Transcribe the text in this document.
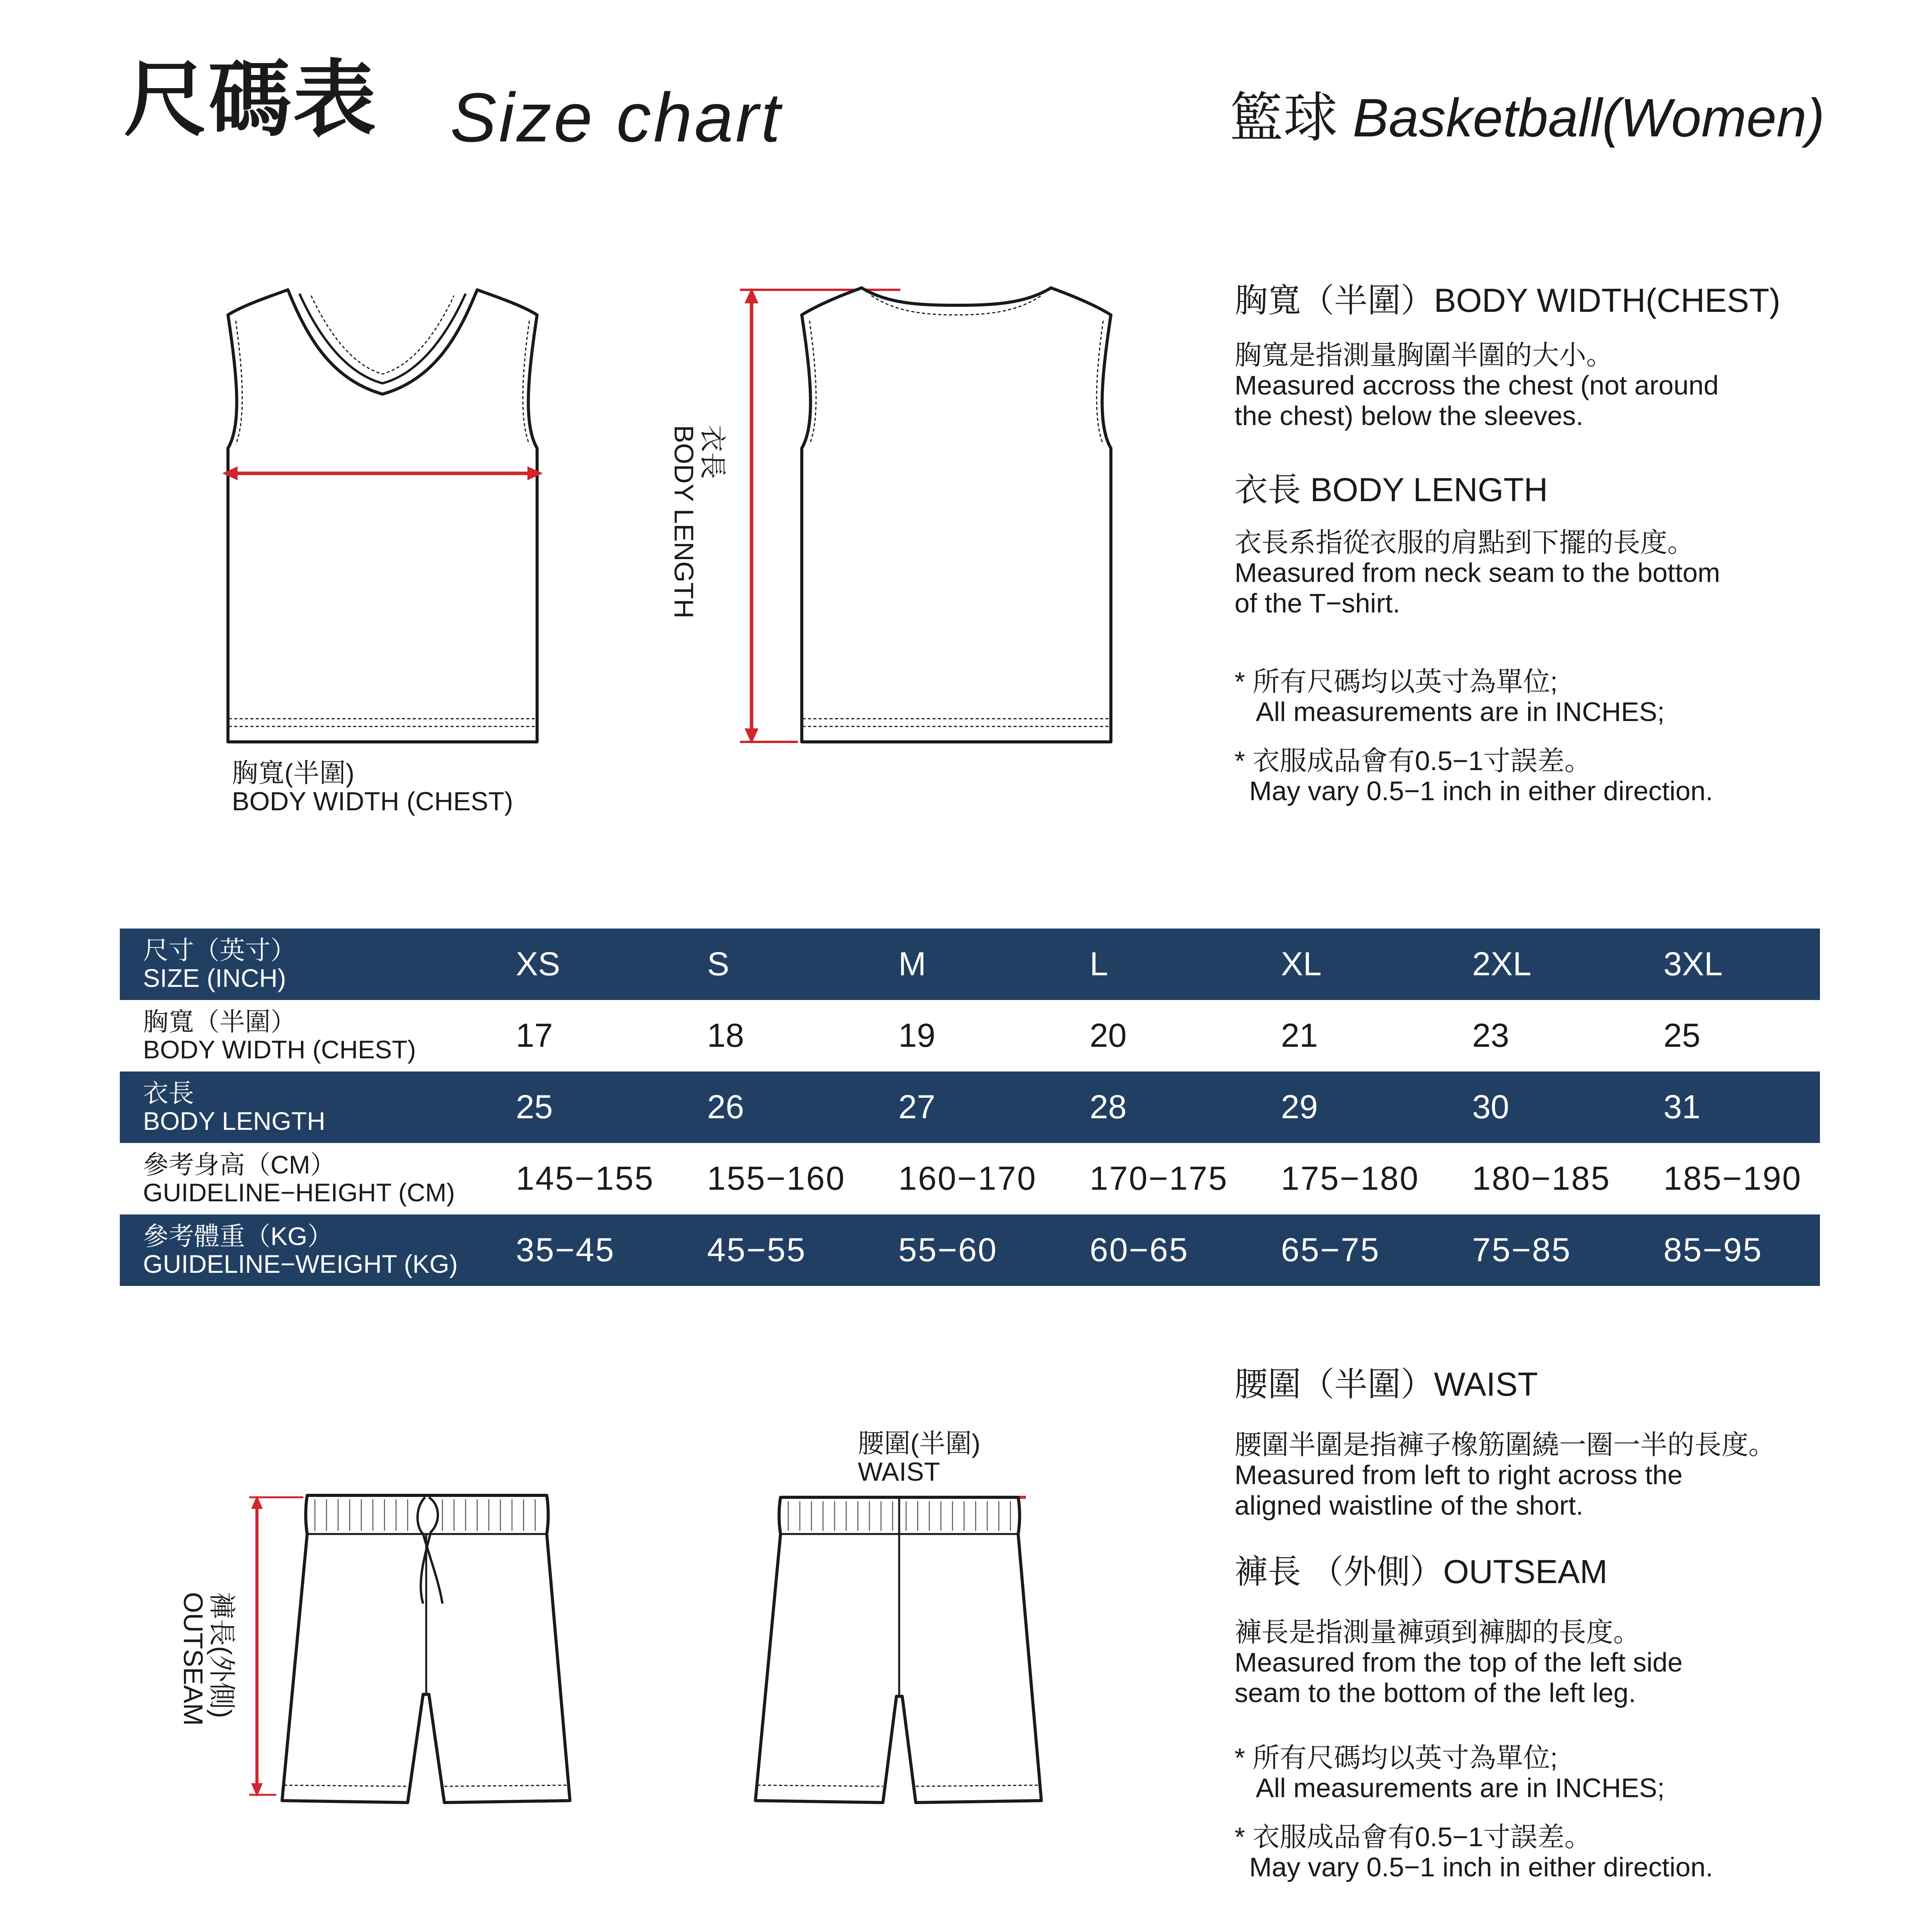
尺碼表 Size chart	籃球 Basketball(Women)
胸寬(半圍)
BODY WIDTH (CHEST)
衣長
BODY LENGTH
胸寬（半圍）BODY WIDTH(CHEST)
胸寬是指測量胸圍半圍的大小。
Measured accross the chest (not around
the chest) below the sleeves.
衣長 BODY LENGTH
衣長系指從衣服的肩點到下擺的長度。
Measured from neck seam to the bottom
of the T−shirt.
* 所有尺碼均以英寸為單位;
All measurements are in INCHES;
* 衣服成品會有0.5−1寸誤差。
May vary 0.5−1 inch in either direction.
尺寸（英寸）
SIZE (INCH)	XS	S	M	L	XL	2XL	3XL

胸寬（半圍）
BODY WIDTH (CHEST)	17	18	19	20	21	23	25

衣長
BODY LENGTH	25	26	27	28	29	30	31

參考身高（CM）
GUIDELINE−HEIGHT (CM)	145−155	155−160	160−170	170−175	175−180	180−185	185−190

參考體重（KG）
GUIDELINE−WEIGHT (KG)	35−45	45−55	55−60	60−65	65−75	75−85	85−95
褲長(外側)
OUTSEAM
腰圍(半圍)
WAIST
腰圍（半圍）WAIST
腰圍半圍是指褲子橡筋圍繞一圈一半的長度。
Measured from left to right across the
aligned waistline of the short.
褲長 （外側）OUTSEAM
褲長是指測量褲頭到褲脚的長度。
Measured from the top of the left side
seam to the bottom of the left leg.
* 所有尺碼均以英寸為單位;
All measurements are in INCHES;
* 衣服成品會有0.5−1寸誤差。
May vary 0.5−1 inch in either direction.
